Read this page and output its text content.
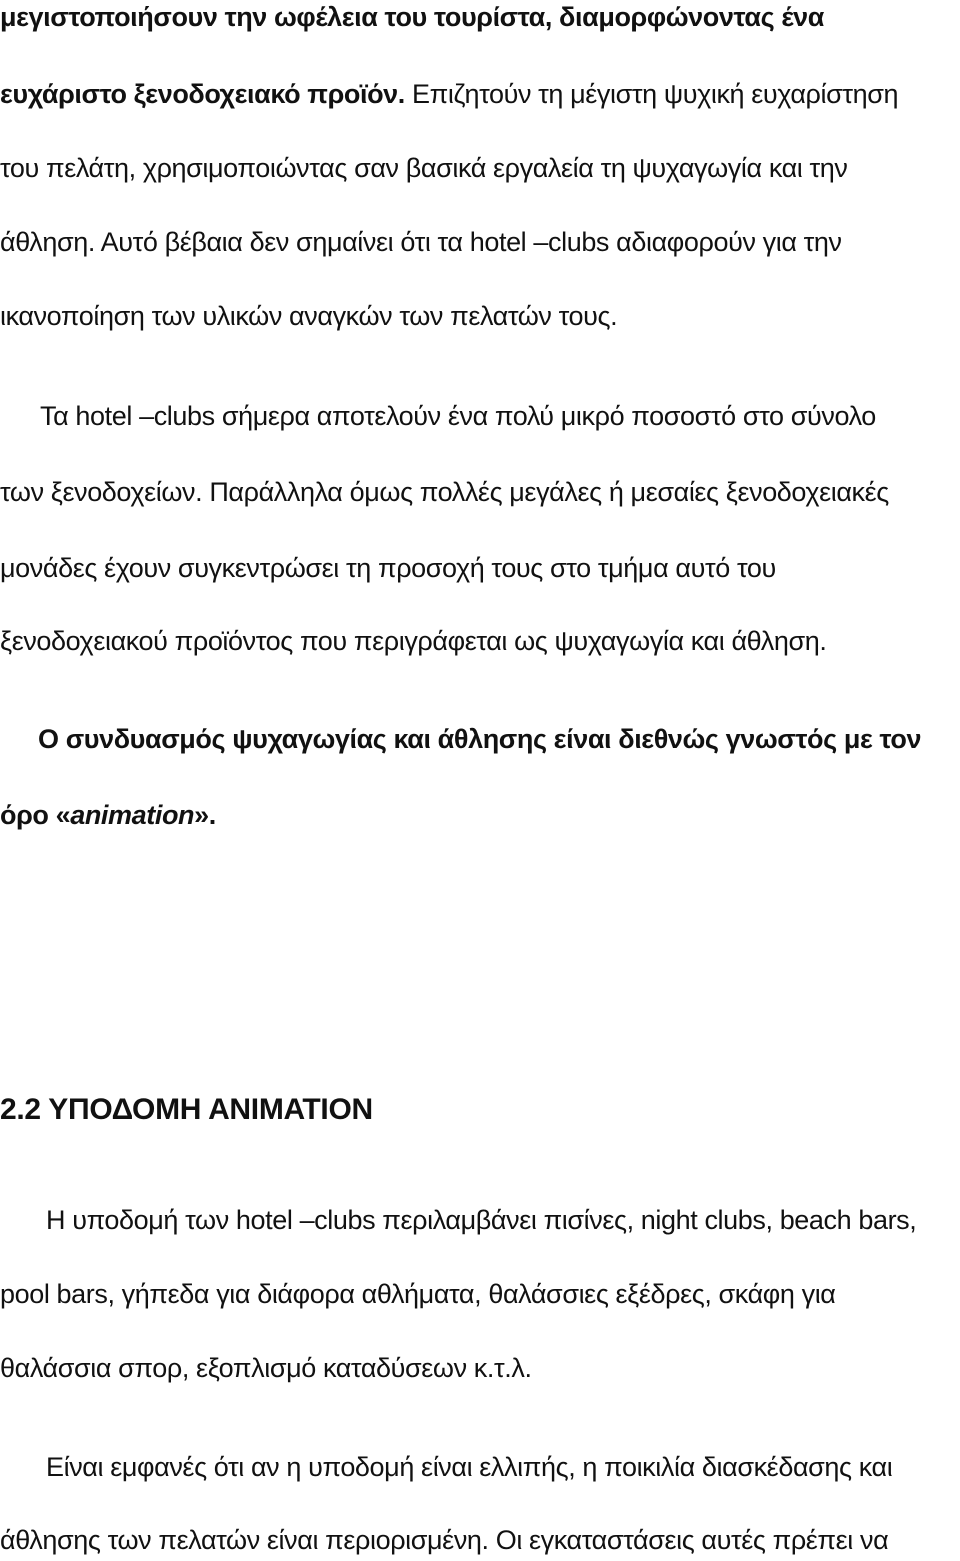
μεγιστοποιήσουν την ωφέλεια του τουρίστα, διαμορφώνοντας ένα
ευχάριστο ξενοδοχειακό προϊόν. Επιζητούν τη μέγιστη ψυχική ευχαρίστηση
του πελάτη, χρησιμοποιώντας σαν βασικά εργαλεία τη ψυχαγωγία και την
άθληση. Αυτό βέβαια δεν σημαίνει ότι τα hotel –clubs αδιαφορούν για την
ικανοποίηση των υλικών αναγκών των πελατών τους.
Τα hotel –clubs σήμερα αποτελούν ένα πολύ μικρό ποσοστό στο σύνολο
των ξενοδοχείων. Παράλληλα όμως πολλές μεγάλες ή μεσαίες ξενοδοχειακές
μονάδες έχουν συγκεντρώσει τη προσοχή τους στο τμήμα αυτό του
ξενοδοχειακού προϊόντος που περιγράφεται ως ψυχαγωγία και άθληση.
Ο συνδυασμός ψυχαγωγίας και άθλησης είναι διεθνώς γνωστός με τον
όρο «animation».
2.2 ΥΠΟΔΟΜΗ ΑΝΙΜΑΤΙΟΝ
Η υποδομή των hotel –clubs περιλαμβάνει πισίνες, night clubs, beach bars,
pool bars, γήπεδα για διάφορα αθλήματα, θαλάσσιες εξέδρες, σκάφη για
θαλάσσια σπορ, εξοπλισμό καταδύσεων κ.τ.λ.
Είναι εμφανές ότι αν η υποδομή είναι ελλιπής, η ποικιλία διασκέδασης και
άθλησης των πελατών είναι περιορισμένη. Οι εγκαταστάσεις αυτές πρέπει να
